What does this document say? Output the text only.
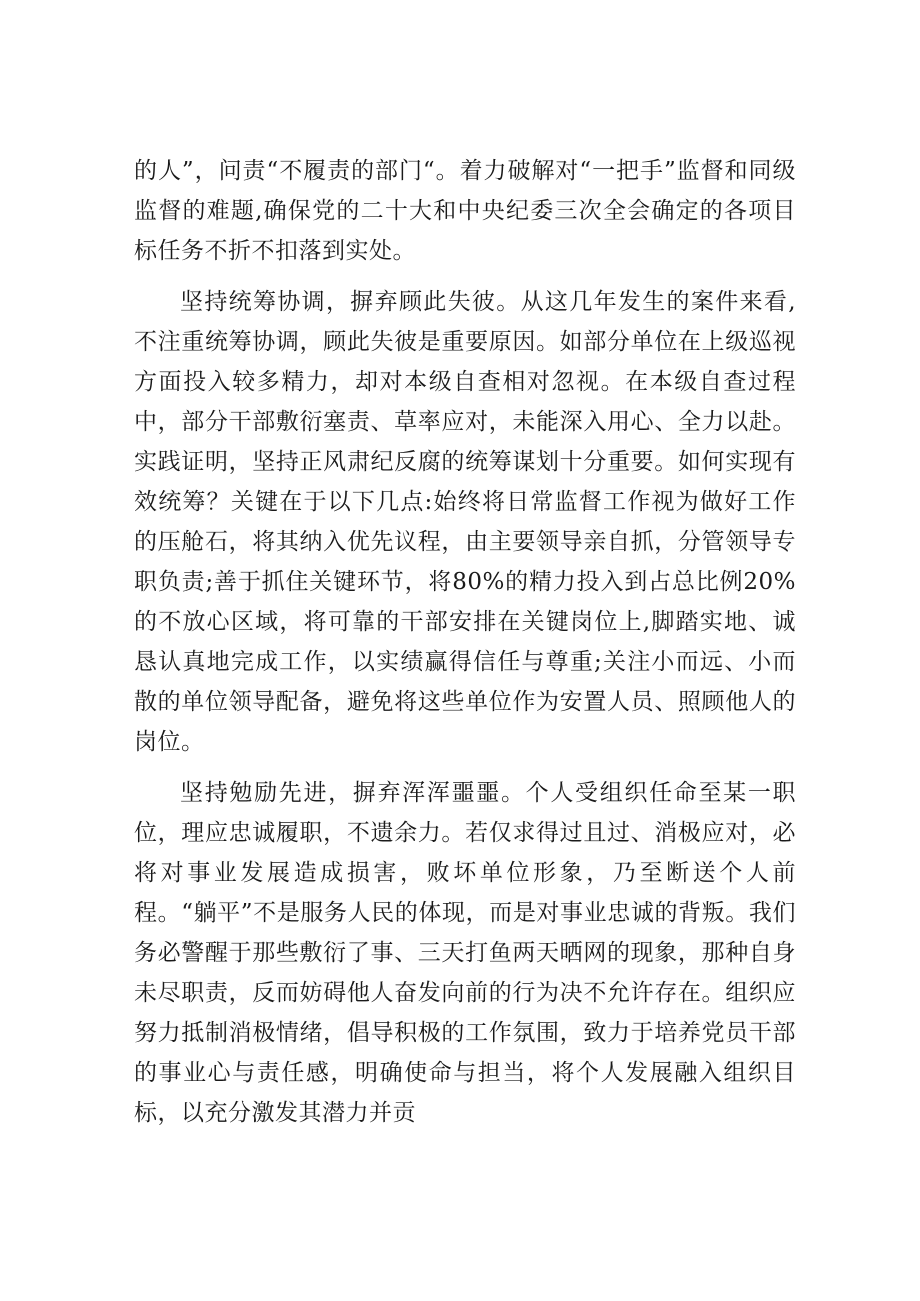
的人”，问责“不履责的部门“。着力破解对“一把手”监督和同级监督的难题,确保党的二十大和中央纪委三次全会确定的各项目标任务不折不扣落到实处。

坚持统筹协调，摒弃顾此失彼。从这几年发生的案件来看,不注重统筹协调，顾此失彼是重要原因。如部分单位在上级巡视方面投入较多精力，却对本级自查相对忽视。在本级自查过程中，部分干部敷衍塞责、草率应对，未能深入用心、全力以赴。实践证明，坚持正风肃纪反腐的统筹谋划十分重要。如何实现有效统筹？关键在于以下几点:始终将日常监督工作视为做好工作的压舱石，将其纳入优先议程，由主要领导亲自抓，分管领导专职负责;善于抓住关键环节，将80%的精力投入到占总比例20%的不放心区域，将可靠的干部安排在关键岗位上,脚踏实地、诚恳认真地完成工作，以实绩赢得信任与尊重;关注小而远、小而散的单位领导配备，避免将这些单位作为安置人员、照顾他人的岗位。

坚持勉励先进，摒弃浑浑噩噩。个人受组织任命至某一职位，理应忠诚履职，不遗余力。若仅求得过且过、消极应对，必将对事业发展造成损害，败坏单位形象，乃至断送个人前程。“躺平”不是服务人民的体现，而是对事业忠诚的背叛。我们务必警醒于那些敷衍了事、三天打鱼两天晒网的现象，那种自身未尽职责，反而妨碍他人奋发向前的行为决不允许存在。组织应努力抵制消极情绪，倡导积极的工作氛围，致力于培养党员干部的事业心与责任感，明确使命与担当，将个人发展融入组织目标，以充分激发其潜力并贡
